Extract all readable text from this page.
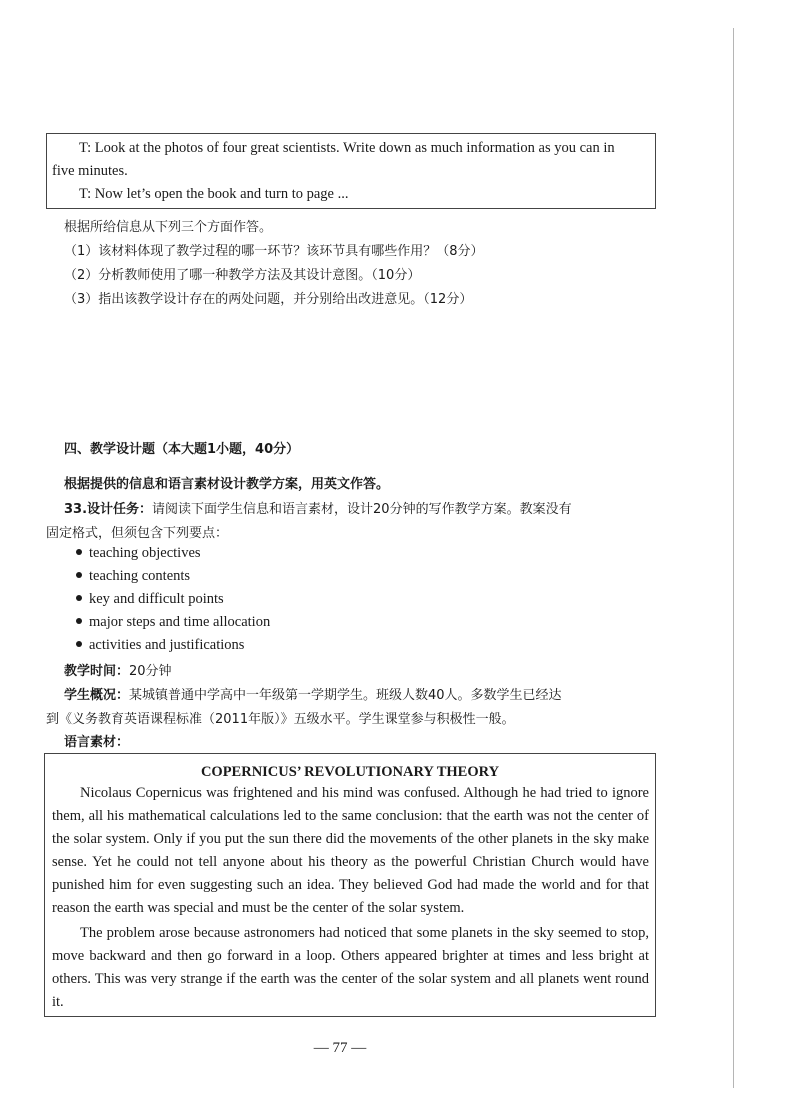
T: Look at the photos of four great scientists. Write down as much information as you can in
five minutes.
T: Now let’s open the book and turn to page ...
根据所给信息从下列三个方面作答。
（1）该材料体现了教学过程的哪一环节？该环节具有哪些作用？（8分）
（2）分析教师使用了哪一种教学方法及其设计意图。（10分）
（3）指出该教学设计存在的两处问题，并分别给出改进意见。（12分）
四、教学设计题（本大题1小题，40分）
根据提供的信息和语言素材设计教学方案，用英文作答。
33.设计任务：请阅读下面学生信息和语言素材，设计20分钟的写作教学方案。教案没有
固定格式，但须包含下列要点：
teaching objectives
teaching contents
key and difficult points
major steps and time allocation
activities and justifications
教学时间：20分钟
学生概况：某城镇普通中学高中一年级第一学期学生。班级人数40人。多数学生已经达
到《义务教育英语课程标准（2011年版）》五级水平。学生课堂参与积极性一般。
语言素材：
COPERNICUS’ REVOLUTIONARY THEORY
Nicolaus Copernicus was frightened and his mind was confused. Although he had tried to ignore them, all his mathematical calculations led to the same conclusion: that the earth was not the center of the solar system. Only if you put the sun there did the movements of the other planets in the sky make sense. Yet he could not tell anyone about his theory as the powerful Christian Church would have punished him for even suggesting such an idea. They believed God had made the world and for that reason the earth was special and must be the center of the solar system.
The problem arose because astronomers had noticed that some planets in the sky seemed to stop, move backward and then go forward in a loop. Others appeared brighter at times and less bright at others. This was very strange if the earth was the center of the solar system and all planets went round it.
— 77 —
